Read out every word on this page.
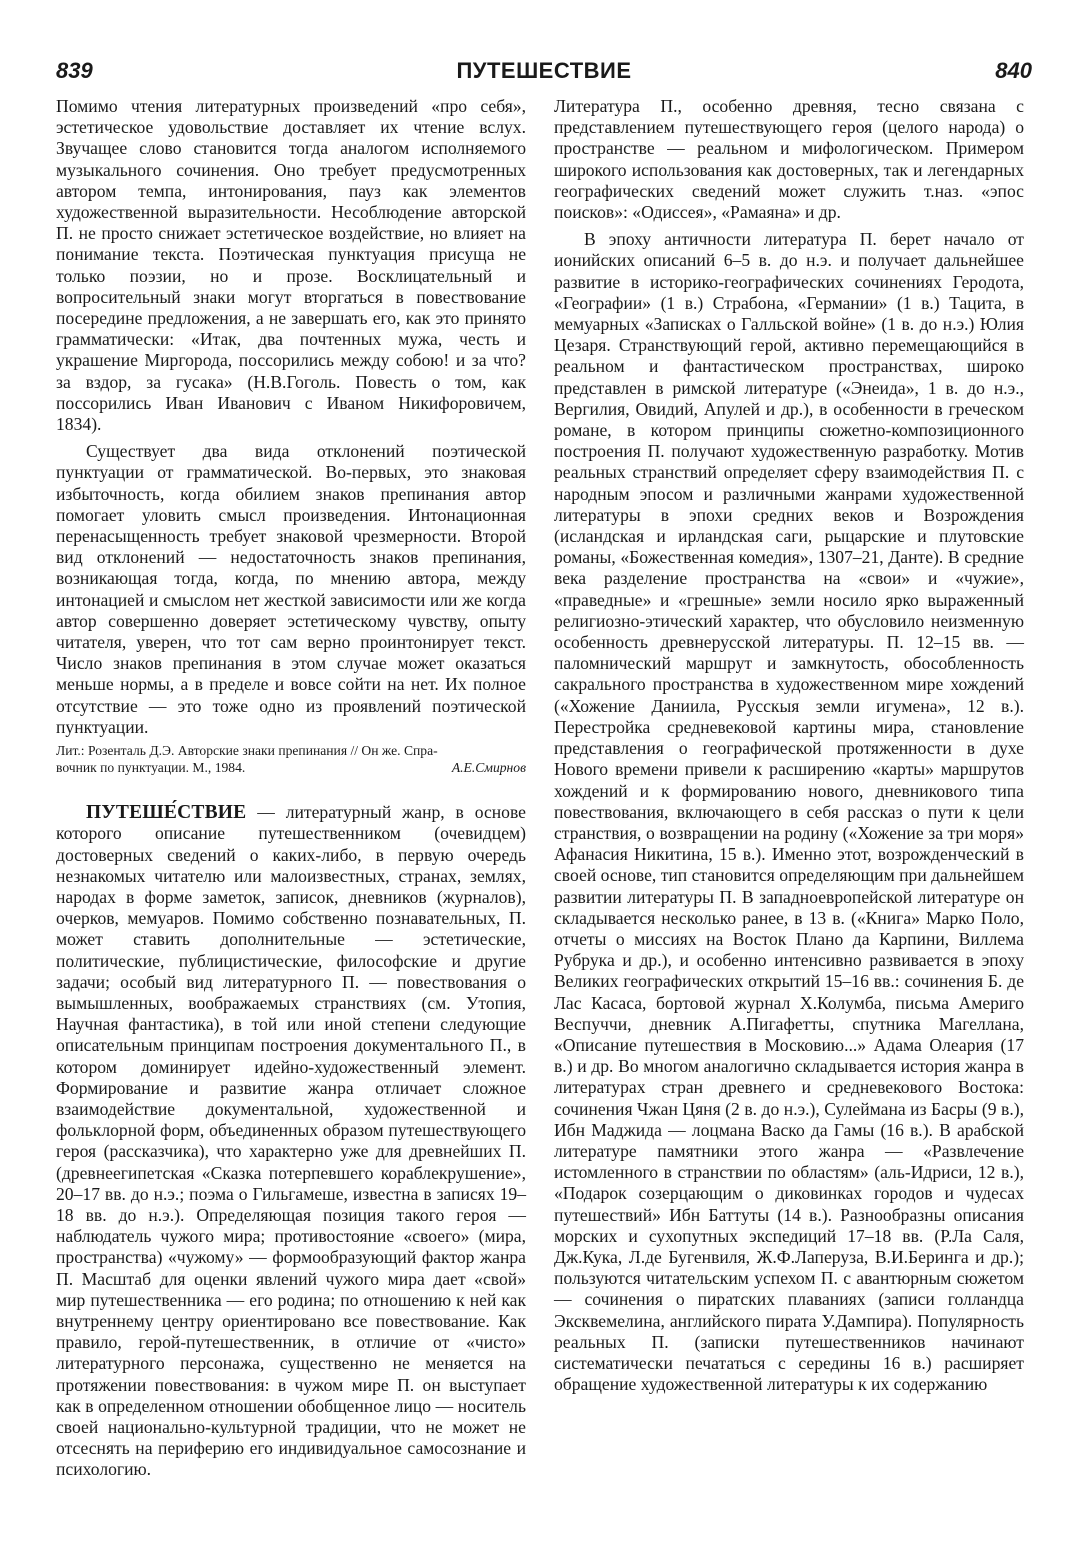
839	ПУТЕШЕСТВИЕ	840

Помимо чтения литературных произведений «про себя», эстетическое удовольствие доставляет их чтение вслух. Звучащее слово становится тогда аналогом исполняемого музыкального сочинения. Оно требует предусмотренных автором темпа, интонирования, пауз как элементов художественной выразительности. Несоблюдение авторской П. не просто снижает эстетическое воздействие, но влияет на понимание текста. Поэтическая пунктуация присуща не только поэзии, но и прозе. Восклицательный и вопросительный знаки могут вторгаться в повествование посередине предложения, а не завершать его, как это принято грамматически: «Итак, два почтенных мужа, честь и украшение Миргорода, поссорились между собою! и за что? за вздор, за гусака» (Н.В.Гоголь. Повесть о том, как поссорились Иван Иванович с Иваном Никифоровичем, 1834).

Существует два вида отклонений поэтической пунктуации от грамматической. Во-первых, это знаковая избыточность, когда обилием знаков препинания автор помогает уловить смысл произведения. Интонационная перенасыщенность требует знаковой чрезмерности. Второй вид отклонений — недостаточность знаков препинания, возникающая тогда, когда, по мнению автора, между интонацией и смыслом нет жесткой зависимости или же когда автор совершенно доверяет эстетическому чувству, опыту читателя, уверен, что тот сам верно проинтонирует текст. Число знаков препинания в этом случае может оказаться меньше нормы, а в пределе и вовсе сойти на нет. Их полное отсутствие — это тоже одно из проявлений поэтической пунктуации.

Лит.: Розенталь Д.Э. Авторские знаки препинания // Он же. Спра-
вочник по пунктуации. М., 1984.	А.Е.Смирнов

ПУТЕШЕ́СТВИЕ — литературный жанр, в основе которого описание путешественником (очевидцем) достоверных сведений о каких-либо, в первую очередь незнакомых читателю или малоизвестных, странах, землях, народах в форме заметок, записок, дневников (журналов), очерков, мемуаров. Помимо собственно познавательных, П. может ставить дополнительные — эстетические, политические, публицистические, философские и другие задачи; особый вид литературного П. — повествования о вымышленных, воображаемых странствиях (см. Утопия, Научная фантастика), в той или иной степени следующие описательным принципам построения документального П., в котором доминирует идейно-художественный элемент. Формирование и развитие жанра отличает сложное взаимодействие документальной, художественной и фольклорной форм, объединенных образом путешествующего героя (рассказчика), что характерно уже для древнейших П. (древнеегипетская «Сказка потерпевшего кораблекрушение», 20–17 вв. до н.э.; поэма о Гильгамеше, известна в записях 19–18 вв. до н.э.). Определяющая позиция такого героя — наблюдатель чужого мира; противостояние «своего» (мира, пространства) «чужому» — формообразующий фактор жанра П. Масштаб для оценки явлений чужого мира дает «свой» мир путешественника — его родина; по отношению к ней как внутреннему центру ориентировано все повествование. Как правило, герой-путешественник, в отличие от «чисто» литературного персонажа, существенно не меняется на протяжении повествования: в чужом мире П. он выступает как в определенном отношении обобщенное лицо — носитель своей национально-культурной традиции, что не может не отсеснять на периферию его индивидуальное самосознание и психологию.

Литература П., особенно древняя, тесно связана с представлением путешествующего героя (целого народа) о пространстве — реальном и мифологическом. Примером широкого использования как достоверных, так и легендарных географических сведений может служить т.наз. «эпос поисков»: «Одиссея», «Рамаяна» и др.

В эпоху античности литература П. берет начало от ионийских описаний 6–5 в. до н.э. и получает дальнейшее развитие в историко-географических сочинениях Геродота, «Географии» (1 в.) Страбона, «Германии» (1 в.) Тацита, в мемуарных «Записках о Галльской войне» (1 в. до н.э.) Юлия Цезаря. Странствующий герой, активно перемещающийся в реальном и фантастическом пространствах, широко представлен в римской литературе («Энеида», 1 в. до н.э., Вергилия, Овидий, Апулей и др.), в особенности в греческом романе, в котором принципы сюжетно-композиционного построения П. получают художественную разработку. Мотив реальных странствий определяет сферу взаимодействия П. с народным эпосом и различными жанрами художественной литературы в эпохи средних веков и Возрождения (исландская и ирландская саги, рыцарские и плутовские романы, «Божественная комедия», 1307–21, Данте). В средние века разделение пространства на «свои» и «чужие», «праведные» и «грешные» земли носило ярко выраженный религиозно-этический характер, что обусловило неизменную особенность древнерусской литературы. П. 12–15 вв. — паломнический маршрут и замкнутость, обособленность сакрального пространства в художественном мире хождений («Хожение Даниила, Русскыя земли игумена», 12 в.). Перестройка средневековой картины мира, становление представления о географической протяженности в духе Нового времени привели к расширению «карты» маршрутов хождений и к формированию нового, дневникового типа повествования, включающего в себя рассказ о пути к цели странствия, о возвращении на родину («Хожение за три моря» Афанасия Никитина, 15 в.). Именно этот, возрожденческий в своей основе, тип становится определяющим при дальнейшем развитии литературы П. В западноевропейской литературе он складывается несколько ранее, в 13 в. («Книга» Марко Поло, отчеты о миссиях на Восток Плано да Карпини, Виллема Рубрука и др.), и особенно интенсивно развивается в эпоху Великих географических открытий 15–16 вв.: сочинения Б. де Лас Касаса, бортовой журнал Х.Колумба, письма Америго Веспуччи, дневник А.Пигафетты, спутника Магеллана, «Описание путешествия в Московию...» Адама Олеария (17 в.) и др. Во многом аналогично складывается история жанра в литературах стран древнего и средневекового Востока: сочинения Чжан Цяня (2 в. до н.э.), Сулеймана из Басры (9 в.), Ибн Маджида — лоцмана Васко да Гамы (16 в.). В арабской литературе памятники этого жанра — «Развлечение истомленного в странствии по областям» (аль-Идриси, 12 в.), «Подарок созерцающим о диковинках городов и чудесах путешествий» Ибн Баттуты (14 в.). Разнообразны описания морских и сухопутных экспедиций 17–18 вв. (Р.Ла Саля, Дж.Кука, Л.де Бугенвиля, Ж.Ф.Лаперуза, В.И.Беринга и др.); пользуются читательским успехом П. с авантюрным сюжетом — сочинения о пиратских плаваниях (записи голландца Эксквемелина, английского пирата У.Дампира). Популярность реальных П. (записки путешественников начинают систематически печататься с середины 16 в.) расширяет обращение художественной литературы к их содержанию
